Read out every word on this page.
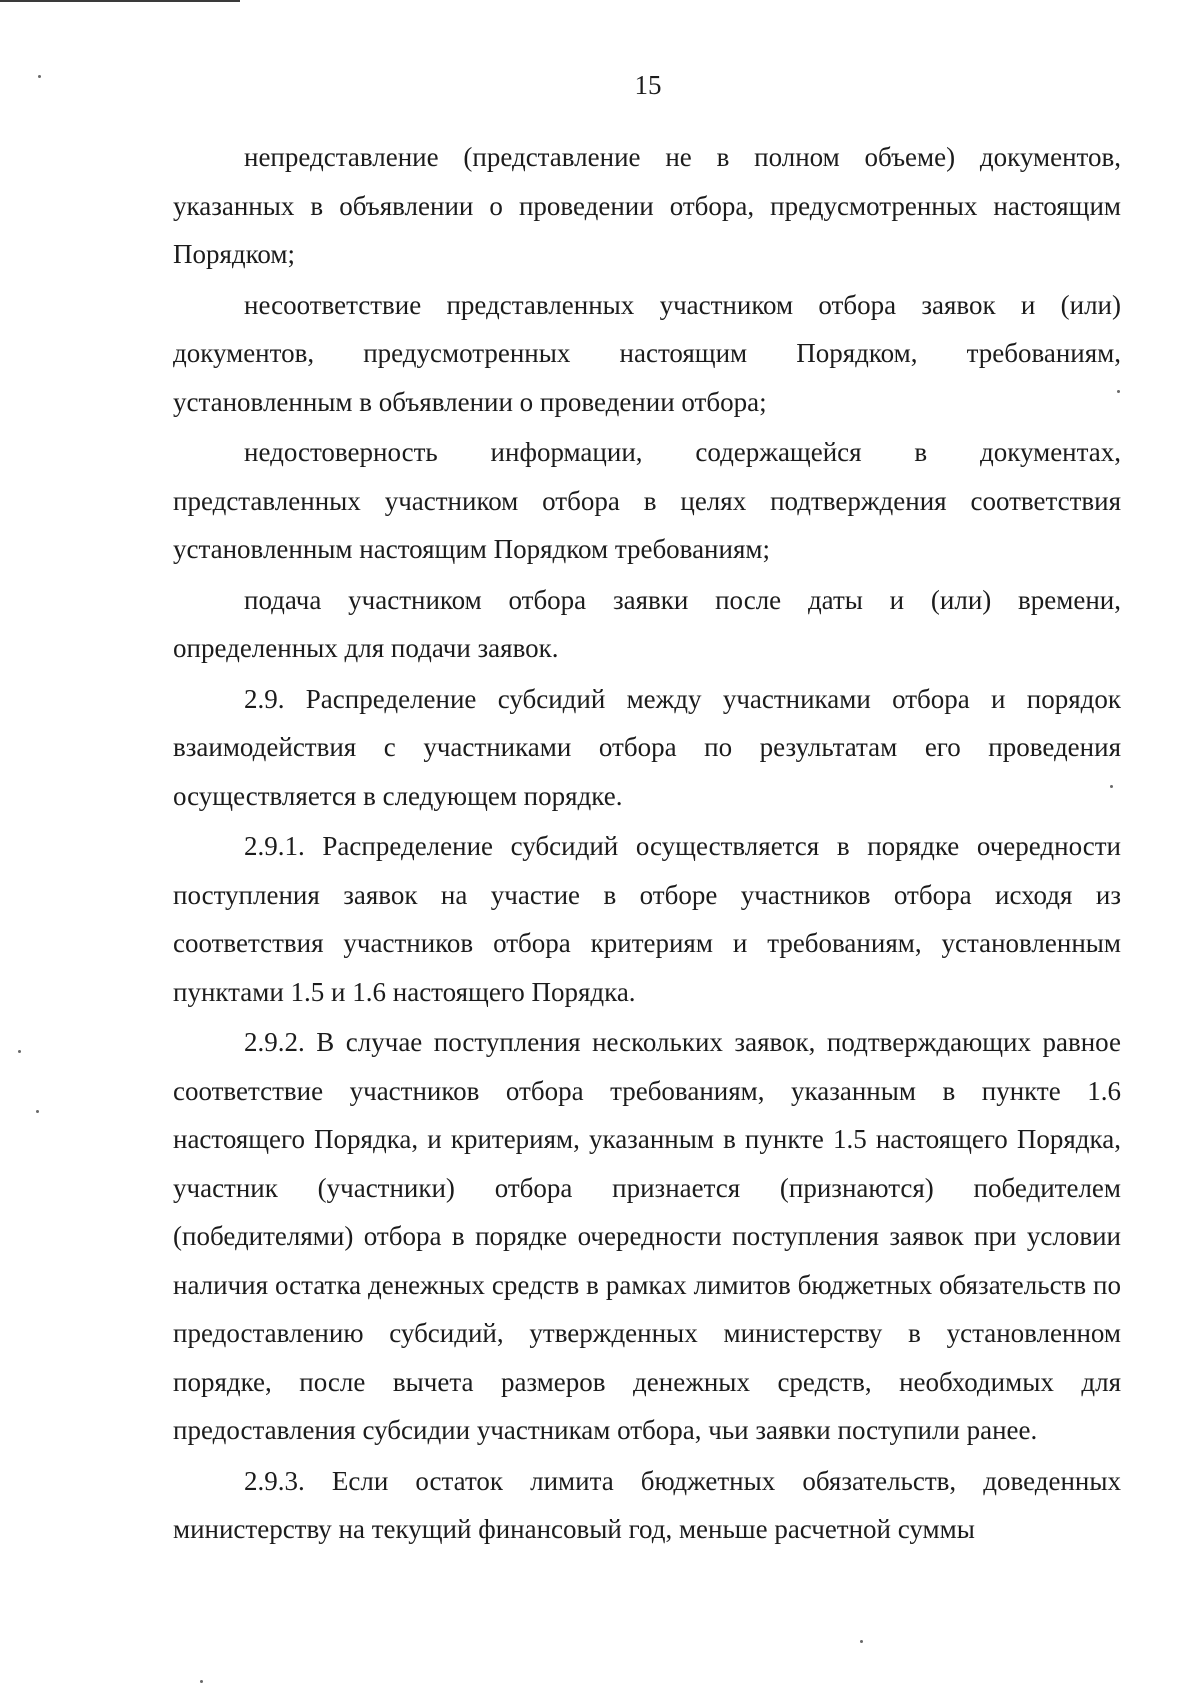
15

непредставление (представление не в полном объеме) документов, указанных в объявлении о проведении отбора, предусмотренных настоящим Порядком;

несоответствие представленных участником отбора заявок и (или) документов, предусмотренных настоящим Порядком, требованиям, установленным в объявлении о проведении отбора;

недостоверность информации, содержащейся в документах, представленных участником отбора в целях подтверждения соответствия установленным настоящим Порядком требованиям;

подача участником отбора заявки после даты и (или) времени, определенных для подачи заявок.

2.9. Распределение субсидий между участниками отбора и порядок взаимодействия с участниками отбора по результатам его проведения осуществляется в следующем порядке.

2.9.1. Распределение субсидий осуществляется в порядке очередности поступления заявок на участие в отборе участников отбора исходя из соответствия участников отбора критериям и требованиям, установленным пунктами 1.5 и 1.6 настоящего Порядка.

2.9.2. В случае поступления нескольких заявок, подтверждающих равное соответствие участников отбора требованиям, указанным в пункте 1.6 настоящего Порядка, и критериям, указанным в пункте 1.5 настоящего Порядка, участник (участники) отбора признается (признаются) победителем (победителями) отбора в порядке очередности поступления заявок при условии наличия остатка денежных средств в рамках лимитов бюджетных обязательств по предоставлению субсидий, утвержденных министерству в установленном порядке, после вычета размеров денежных средств, необходимых для предоставления субсидии участникам отбора, чьи заявки поступили ранее.

2.9.3. Если остаток лимита бюджетных обязательств, доведенных министерству на текущий финансовый год, меньше расчетной суммы
